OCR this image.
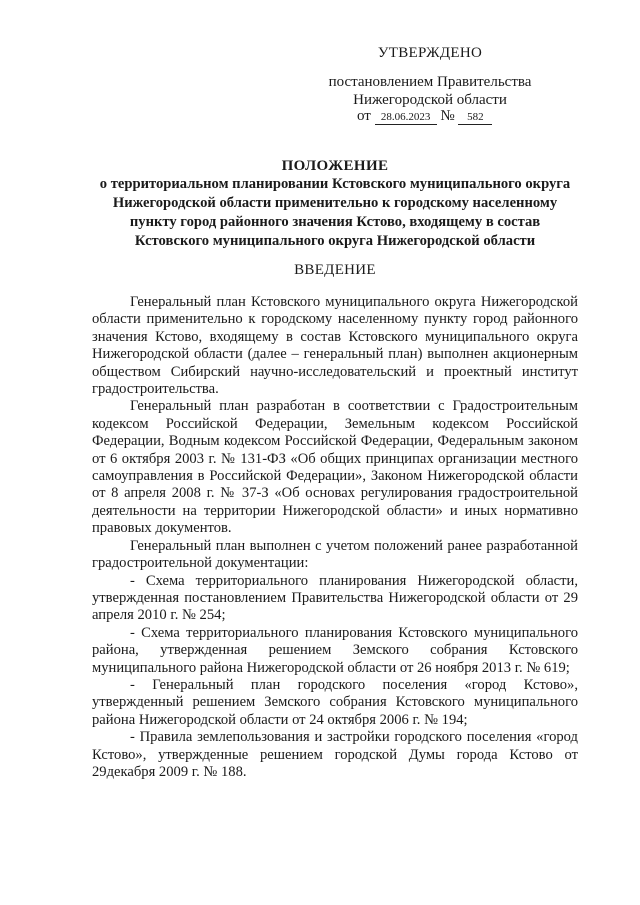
УТВЕРЖДЕНО
постановлением Правительства
Нижегородской области
от 28.06.2023 № 582
ПОЛОЖЕНИЕ
о территориальном планировании Кстовского муниципального округа Нижегородской области применительно к городскому населенному пункту город районного значения Кстово, входящему в состав Кстовского муниципального округа Нижегородской области
ВВЕДЕНИЕ

Генеральный план Кстовского муниципального округа Нижегородской области применительно к городскому населенному пункту город районного значения Кстово, входящему в состав Кстовского муниципального округа Нижегородской области (далее – генеральный план) выполнен акционерным обществом Сибирский научно-исследовательский и проектный институт градостроительства.

Генеральный план разработан в соответствии с Градостроительным кодексом Российской Федерации, Земельным кодексом Российской Федерации, Водным кодексом Российской Федерации, Федеральным законом от 6 октября 2003 г. № 131-ФЗ «Об общих принципах организации местного самоуправления в Российской Федерации», Законом Нижегородской области от 8 апреля 2008 г. № 37-З «Об основах регулирования градостроительной деятельности на территории Нижегородской области» и иных нормативно правовых документов.

Генеральный план выполнен с учетом положений ранее разработанной градостроительной документации:

- Схема территориального планирования Нижегородской области, утвержденная постановлением Правительства Нижегородской области от 29 апреля 2010 г. № 254;

- Схема территориального планирования Кстовского муниципального района, утвержденная решением Земского собрания Кстовского муниципального района Нижегородской области от 26 ноября 2013 г. № 619;

- Генеральный план городского поселения «город Кстово», утвержденный решением Земского собрания Кстовского муниципального района Нижегородской области от 24 октября 2006 г. № 194;

- Правила землепользования и застройки городского поселения «город Кстово», утвержденные решением городской Думы города Кстово от 29декабря 2009 г. № 188.
